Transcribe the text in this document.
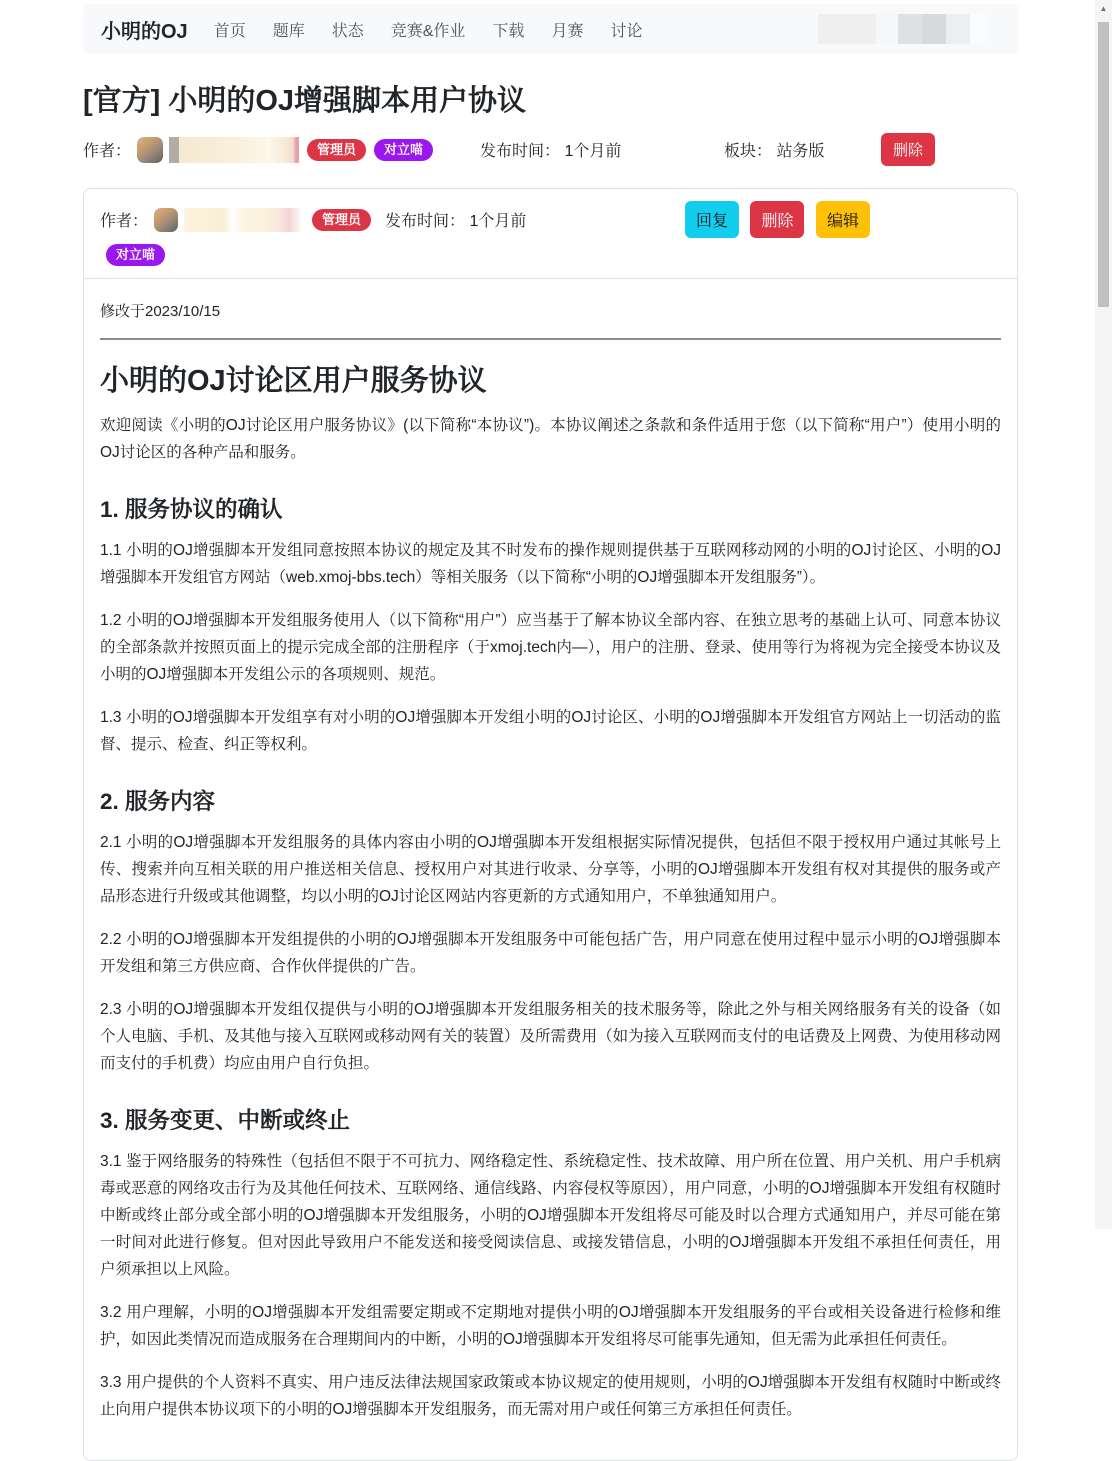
小明的OJ 首页 题库 状态 竞赛&作业 下载 月赛 讨论
[官方] 小明的OJ增强脚本用户协议
作者：	管理员	对立喵	发布时间： 1个月前	板块： 站务版	删除
作者：	管理员	发布时间： 1个月前	回复 删除 编辑
对立喵
修改于2023/10/15
小明的OJ讨论区用户服务协议

欢迎阅读《小明的OJ讨论区用户服务协议》(以下简称“本协议”)。本协议阐述之条款和条件适用于您（以下简称“用户”）使用小明的OJ讨论区的各种产品和服务。

1. 服务协议的确认

1.1 小明的OJ增强脚本开发组同意按照本协议的规定及其不时发布的操作规则提供基于互联网移动网的小明的OJ讨论区、小明的OJ增强脚本开发组官方网站（web.xmoj-bbs.tech）等相关服务（以下简称“小明的OJ增强脚本开发组服务”）。

1.2 小明的OJ增强脚本开发组服务使用人（以下简称“用户”）应当基于了解本协议全部内容、在独立思考的基础上认可、同意本协议的全部条款并按照页面上的提示完成全部的注册程序（于xmoj.tech内—），用户的注册、登录、使用等行为将视为完全接受本协议及小明的OJ增强脚本开发组公示的各项规则、规范。

1.3 小明的OJ增强脚本开发组享有对小明的OJ增强脚本开发组小明的OJ讨论区、小明的OJ增强脚本开发组官方网站上一切活动的监督、提示、检查、纠正等权利。

2. 服务内容

2.1 小明的OJ增强脚本开发组服务的具体内容由小明的OJ增强脚本开发组根据实际情况提供，包括但不限于授权用户通过其帐号上传、搜索并向互相关联的用户推送相关信息、授权用户对其进行收录、分享等，小明的OJ增强脚本开发组有权对其提供的服务或产品形态进行升级或其他调整，均以小明的OJ讨论区网站内容更新的方式通知用户，不单独通知用户。

2.2 小明的OJ增强脚本开发组提供的小明的OJ增强脚本开发组服务中可能包括广告，用户同意在使用过程中显示小明的OJ增强脚本开发组和第三方供应商、合作伙伴提供的广告。

2.3 小明的OJ增强脚本开发组仅提供与小明的OJ增强脚本开发组服务相关的技术服务等，除此之外与相关网络服务有关的设备（如个人电脑、手机、及其他与接入互联网或移动网有关的装置）及所需费用（如为接入互联网而支付的电话费及上网费、为使用移动网而支付的手机费）均应由用户自行负担。

3. 服务变更、中断或终止

3.1 鉴于网络服务的特殊性（包括但不限于不可抗力、网络稳定性、系统稳定性、技术故障、用户所在位置、用户关机、用户手机病毒或恶意的网络攻击行为及其他任何技术、互联网络、通信线路、内容侵权等原因），用户同意，小明的OJ增强脚本开发组有权随时中断或终止部分或全部小明的OJ增强脚本开发组服务，小明的OJ增强脚本开发组将尽可能及时以合理方式通知用户，并尽可能在第一时间对此进行修复。但对因此导致用户不能发送和接受阅读信息、或接发错信息，小明的OJ增强脚本开发组不承担任何责任，用户须承担以上风险。

3.2 用户理解，小明的OJ增强脚本开发组需要定期或不定期地对提供小明的OJ增强脚本开发组服务的平台或相关设备进行检修和维护，如因此类情况而造成服务在合理期间内的中断，小明的OJ增强脚本开发组将尽可能事先通知，但无需为此承担任何责任。

3.3 用户提供的个人资料不真实、用户违反法律法规国家政策或本协议规定的使用规则，小明的OJ增强脚本开发组有权随时中断或终止向用户提供本协议项下的小明的OJ增强脚本开发组服务，而无需对用户或任何第三方承担任何责任。

▲
